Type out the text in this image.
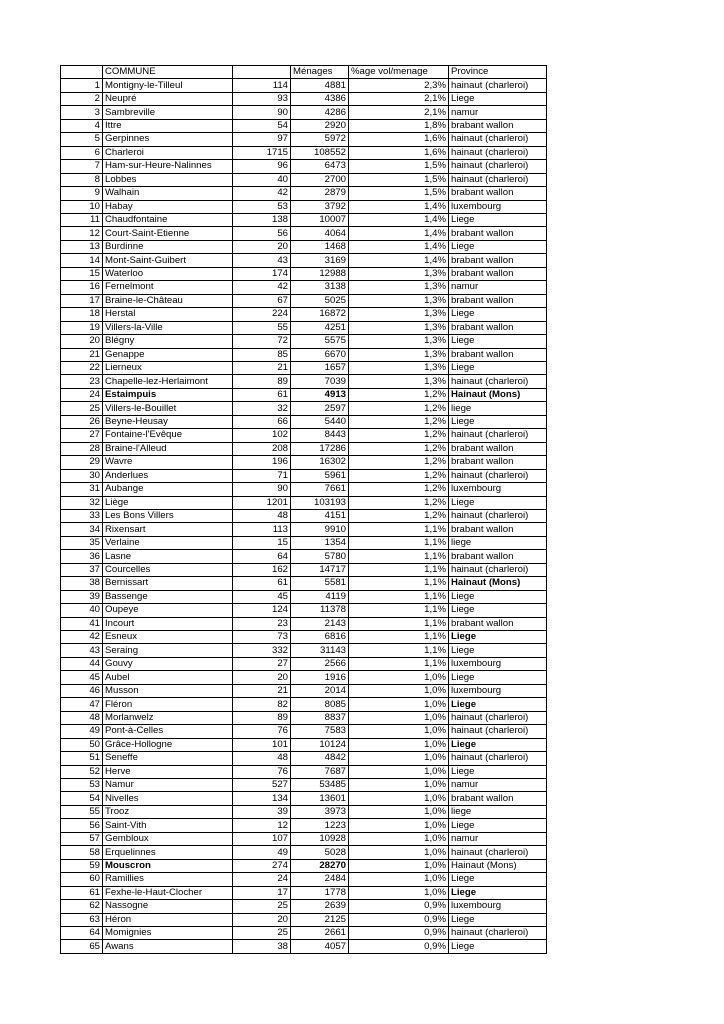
	COMMUNE		Ménages	%age vol/menage	Province
1	Montigny-le-Tilleul	114	4881	2,3%	hainaut (charleroi)
2	Neupré	93	4386	2,1%	Liege
3	Sambreville	90	4286	2,1%	namur
4	Ittre	54	2920	1,8%	brabant wallon
5	Gerpinnes	97	5972	1,6%	hainaut (charleroi)
6	Charleroi	1715	108552	1,6%	hainaut (charleroi)
7	Ham-sur-Heure-Nalinnes	96	6473	1,5%	hainaut (charleroi)
8	Lobbes	40	2700	1,5%	hainaut (charleroi)
9	Walhain	42	2879	1,5%	brabant wallon
10	Habay	53	3792	1,4%	luxembourg
11	Chaudfontaine	138	10007	1,4%	Liege
12	Court-Saint-Etienne	56	4064	1,4%	brabant wallon
13	Burdinne	20	1468	1,4%	Liege
14	Mont-Saint-Guibert	43	3169	1,4%	brabant wallon
15	Waterloo	174	12988	1,3%	brabant wallon
16	Fernelmont	42	3138	1,3%	namur
17	Braine-le-Château	67	5025	1,3%	brabant wallon
18	Herstal	224	16872	1,3%	Liege
19	Villers-la-Ville	55	4251	1,3%	brabant wallon
20	Blégny	72	5575	1,3%	Liege
21	Genappe	85	6670	1,3%	brabant wallon
22	Lierneux	21	1657	1,3%	Liege
23	Chapelle-lez-Herlaimont	89	7039	1,3%	hainaut (charleroi)
24	Estaimpuis	61	4913	1,2%	Hainaut (Mons)
25	Villers-le-Bouillet	32	2597	1,2%	liege
26	Beyne-Heusay	66	5440	1,2%	Liege
27	Fontaine-l'Evêque	102	8443	1,2%	hainaut (charleroi)
28	Braine-l'Alleud	208	17286	1,2%	brabant wallon
29	Wavre	196	16302	1,2%	brabant wallon
30	Anderlues	71	5961	1,2%	hainaut (charleroi)
31	Aubange	90	7661	1,2%	luxembourg
32	Liège	1201	103193	1,2%	Liege
33	Les Bons Villers	48	4151	1,2%	hainaut (charleroi)
34	Rixensart	113	9910	1,1%	brabant wallon
35	Verlaine	15	1354	1,1%	liege
36	Lasne	64	5780	1,1%	brabant wallon
37	Courcelles	162	14717	1,1%	hainaut (charleroi)
38	Bernissart	61	5581	1,1%	Hainaut (Mons)
39	Bassenge	45	4119	1,1%	Liege
40	Oupeye	124	11378	1,1%	Liege
41	Incourt	23	2143	1,1%	brabant wallon
42	Esneux	73	6816	1,1%	Liege
43	Seraing	332	31143	1,1%	Liege
44	Gouvy	27	2566	1,1%	luxembourg
45	Aubel	20	1916	1,0%	Liege
46	Musson	21	2014	1,0%	luxembourg
47	Fléron	82	8085	1,0%	Liege
48	Morlanwelz	89	8837	1,0%	hainaut (charleroi)
49	Pont-à-Celles	76	7583	1,0%	hainaut (charleroi)
50	Grâce-Hollogne	101	10124	1,0%	Liege
51	Seneffe	48	4842	1,0%	hainaut (charleroi)
52	Herve	76	7687	1,0%	Liege
53	Namur	527	53485	1,0%	namur
54	Nivelles	134	13601	1,0%	brabant wallon
55	Trooz	39	3973	1,0%	liege
56	Saint-Vith	12	1223	1,0%	Liege
57	Gembloux	107	10928	1,0%	namur
58	Erquelinnes	49	5028	1,0%	hainaut (charleroi)
59	Mouscron	274	28270	1,0%	Hainaut (Mons)
60	Ramillies	24	2484	1,0%	Liege
61	Fexhe-le-Haut-Clocher	17	1778	1,0%	Liege
62	Nassogne	25	2639	0,9%	luxembourg
63	Héron	20	2125	0,9%	Liege
64	Momignies	25	2661	0,9%	hainaut (charleroi)
65	Awans	38	4057	0,9%	Liege
